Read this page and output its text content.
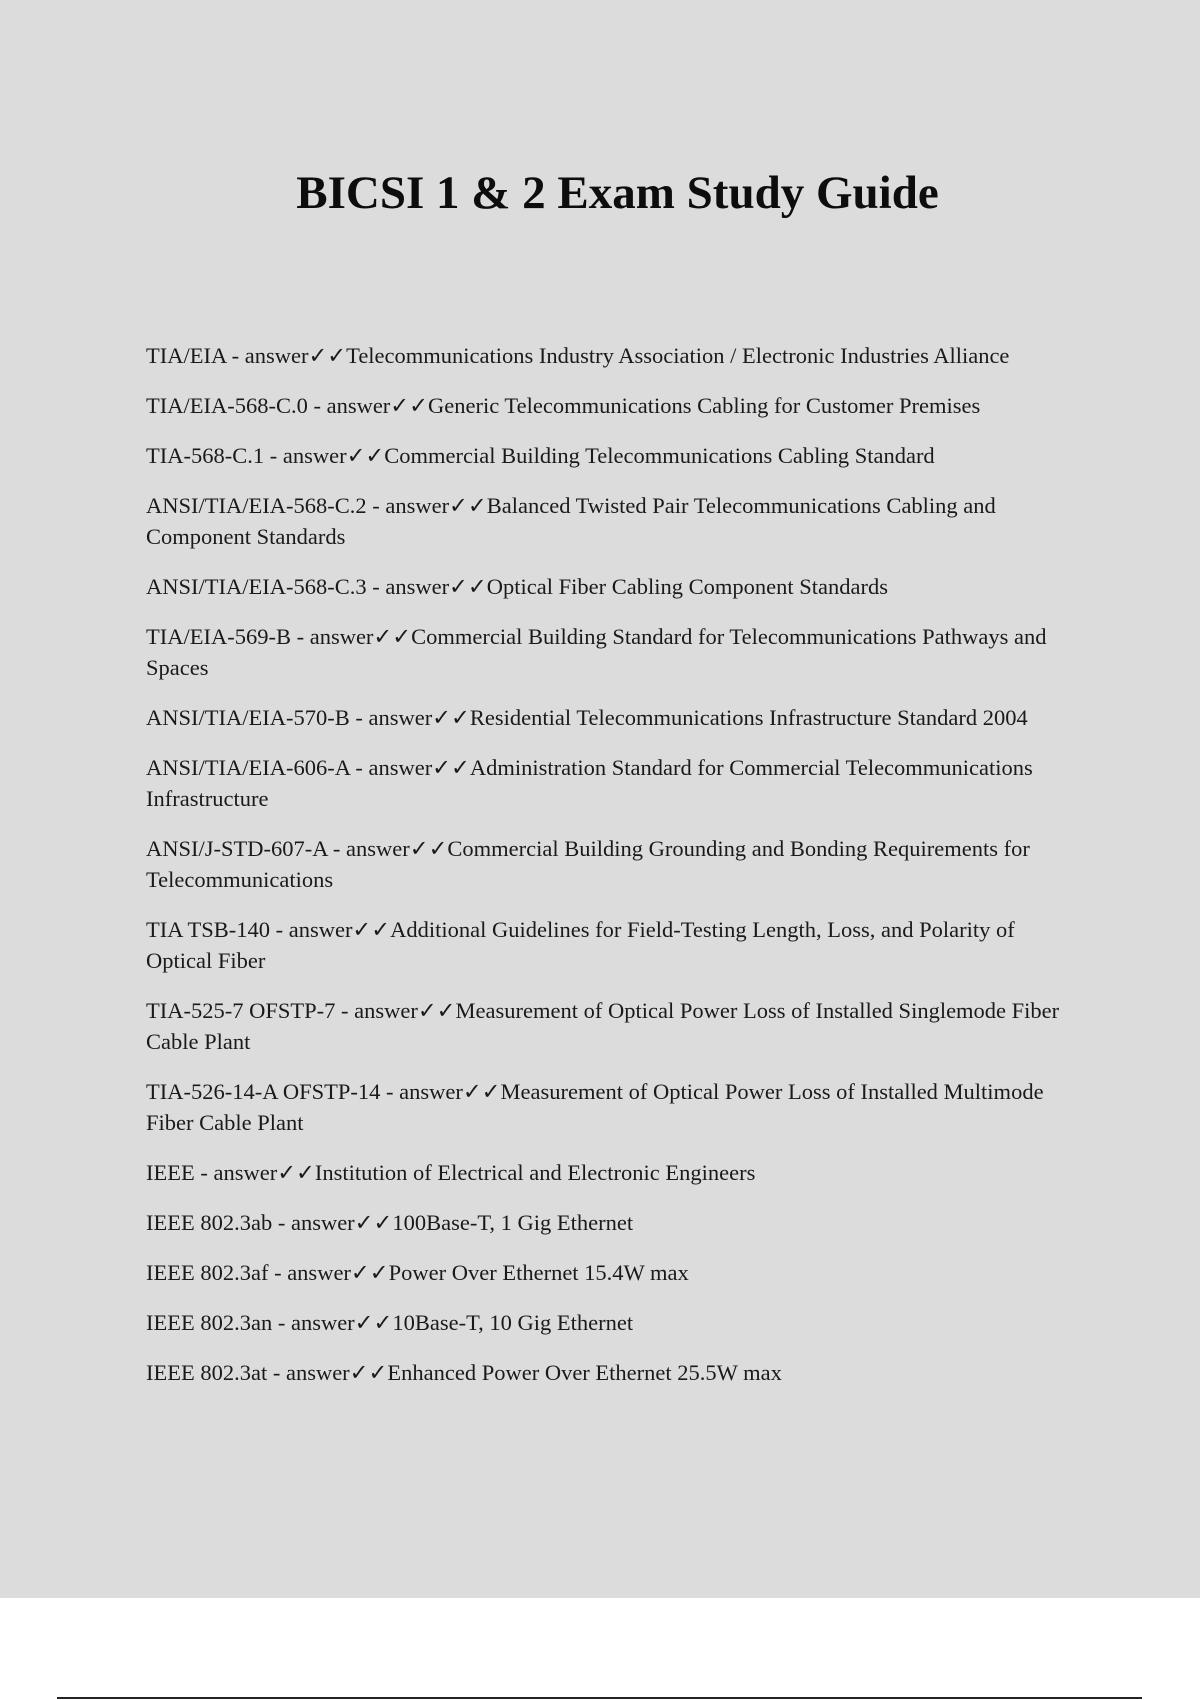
BICSI 1 & 2 Exam Study Guide
TIA/EIA - answer✓✓Telecommunications Industry Association / Electronic Industries Alliance
TIA/EIA-568-C.0 - answer✓✓Generic Telecommunications Cabling for Customer Premises
TIA-568-C.1 - answer✓✓Commercial Building Telecommunications Cabling Standard
ANSI/TIA/EIA-568-C.2 - answer✓✓Balanced Twisted Pair Telecommunications Cabling and Component Standards
ANSI/TIA/EIA-568-C.3 - answer✓✓Optical Fiber Cabling Component Standards
TIA/EIA-569-B - answer✓✓Commercial Building Standard for Telecommunications Pathways and Spaces
ANSI/TIA/EIA-570-B - answer✓✓Residential Telecommunications Infrastructure Standard 2004
ANSI/TIA/EIA-606-A - answer✓✓Administration Standard for Commercial Telecommunications Infrastructure
ANSI/J-STD-607-A - answer✓✓Commercial Building Grounding and Bonding Requirements for Telecommunications
TIA TSB-140 - answer✓✓Additional Guidelines for Field-Testing Length, Loss, and Polarity of Optical Fiber
TIA-525-7 OFSTP-7 - answer✓✓Measurement of Optical Power Loss of Installed Singlemode Fiber Cable Plant
TIA-526-14-A OFSTP-14 - answer✓✓Measurement of Optical Power Loss of Installed Multimode Fiber Cable Plant
IEEE - answer✓✓Institution of Electrical and Electronic Engineers
IEEE 802.3ab - answer✓✓100Base-T, 1 Gig Ethernet
IEEE 802.3af - answer✓✓Power Over Ethernet 15.4W max
IEEE 802.3an - answer✓✓10Base-T, 10 Gig Ethernet
IEEE 802.3at - answer✓✓Enhanced Power Over Ethernet 25.5W max
